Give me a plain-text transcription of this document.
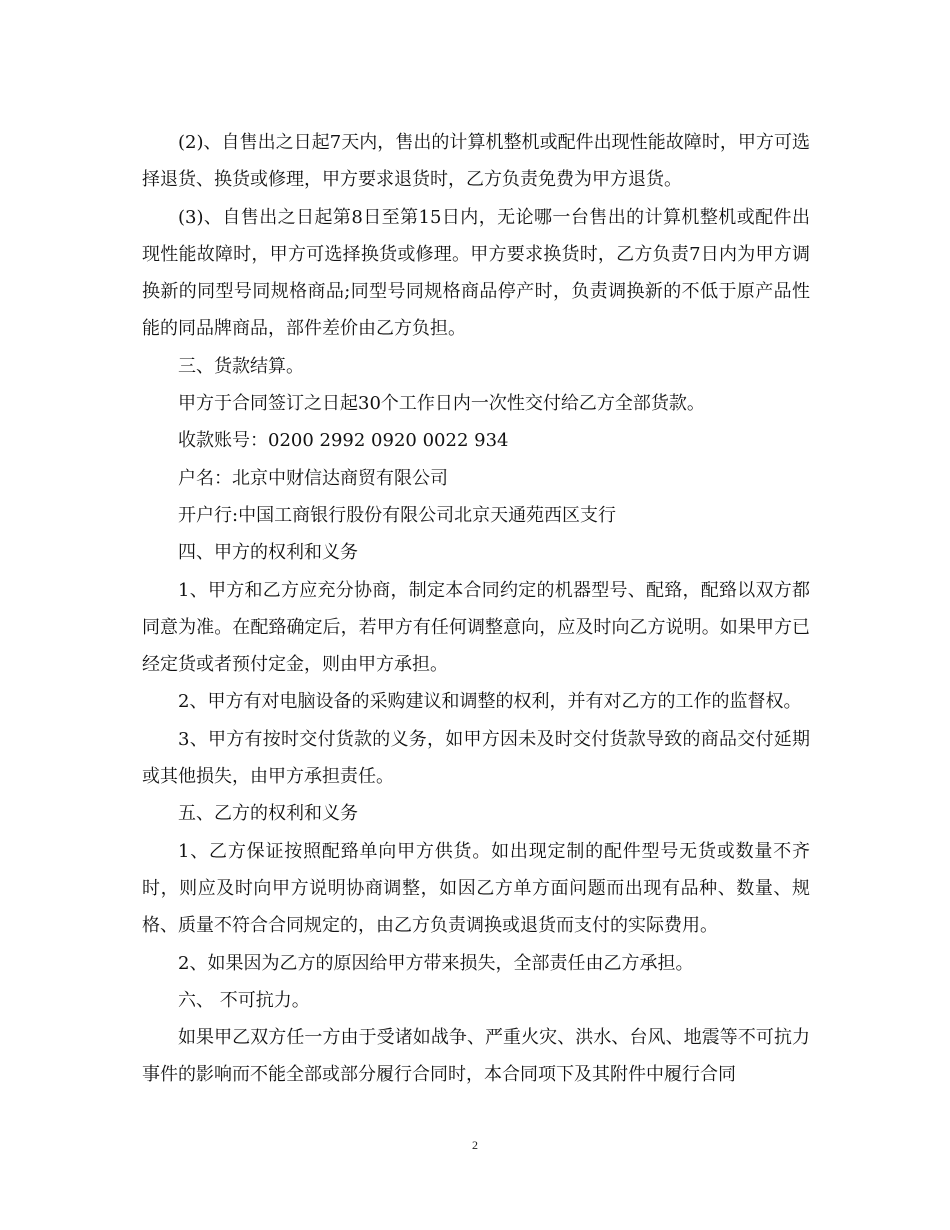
(2)、自售出之日起7天内，售出的计算机整机或配件出现性能故障时，甲方可选择退货、换货或修理，甲方要求退货时，乙方负责免费为甲方退货。

(3)、自售出之日起第8日至第15日内，无论哪一台售出的计算机整机或配件出现性能故障时，甲方可选择换货或修理。甲方要求换货时，乙方负责7日内为甲方调换新的同型号同规格商品;同型号同规格商品停产时，负责调换新的不低于原产品性能的同品牌商品，部件差价由乙方负担。

三、货款结算。

甲方于合同签订之日起30个工作日内一次性交付给乙方全部货款。

收款账号：0200 2992 0920 0022 934

户名：北京中财信达商贸有限公司

开户行:中国工商银行股份有限公司北京天通苑西区支行

四、甲方的权利和义务

1、甲方和乙方应充分协商，制定本合同约定的机器型号、配臵，配臵以双方都同意为准。在配臵确定后，若甲方有任何调整意向，应及时向乙方说明。如果甲方已经定货或者预付定金，则由甲方承担。

2、甲方有对电脑设备的采购建议和调整的权利，并有对乙方的工作的监督权。

3、甲方有按时交付货款的义务，如甲方因未及时交付货款导致的商品交付延期或其他损失，由甲方承担责任。

五、乙方的权利和义务

1、乙方保证按照配臵单向甲方供货。如出现定制的配件型号无货或数量不齐时，则应及时向甲方说明协商调整，如因乙方单方面问题而出现有品种、数量、规格、质量不符合合同规定的，由乙方负责调换或退货而支付的实际费用。

2、如果因为乙方的原因给甲方带来损失，全部责任由乙方承担。

六、 不可抗力。

如果甲乙双方任一方由于受诸如战争、严重火灾、洪水、台风、地震等不可抗力事件的影响而不能全部或部分履行合同时，本合同项下及其附件中履行合同

2
